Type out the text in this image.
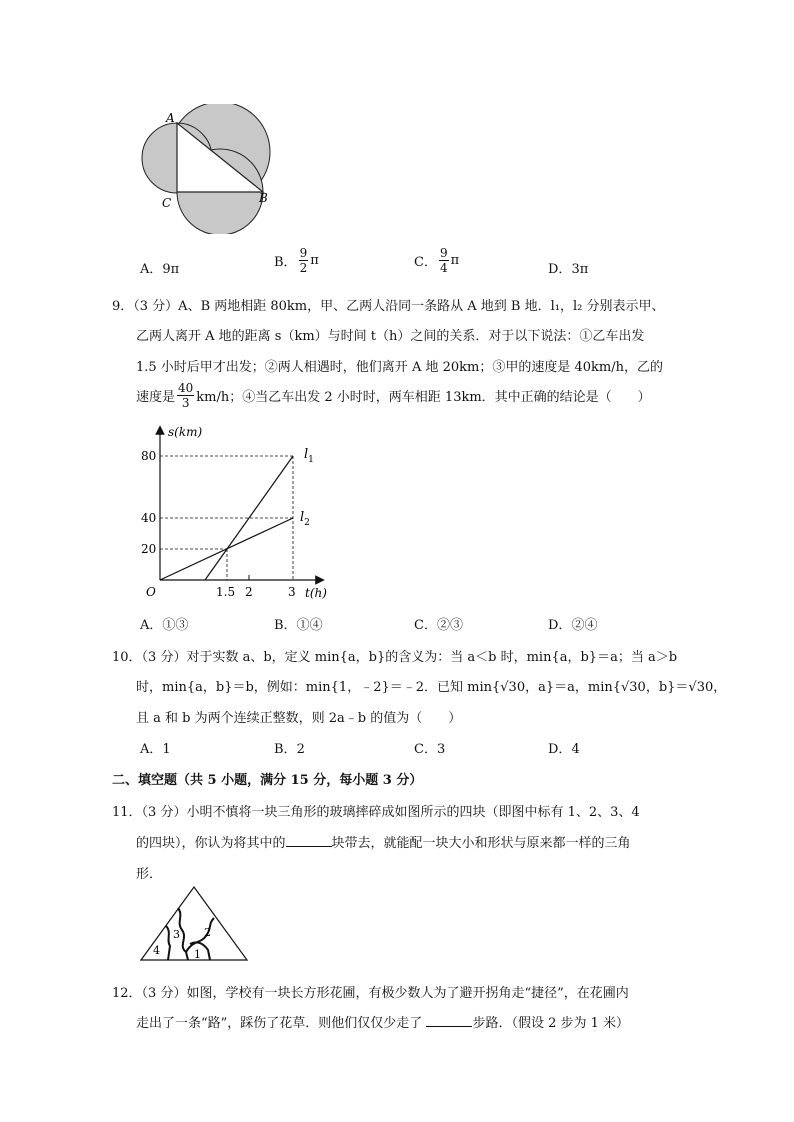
A
C	B
A．9π	B． $\frac{9}{2}$ π	C． $\frac{9}{4}$ π
D．3π
9．（3 分）A、B 两地相距 80km，甲、乙两人沿同一条路从 A 地到 B 地．l₁，l₂ 分别表示甲、
乙两人离开 A 地的距离 s（km）与时间 t（h）之间的关系．对于以下说法：①乙车出发
1.5 小时后甲才出发；②两人相遇时，他们离开 A 地 20km；③甲的速度是 40km/h，乙的
速度是 $\frac{40}{3} km/h$；④当乙车出发 2 小时时，两车相距 13km．其中正确的结论是（　　）
s(km)
t(h)
O
80
40
20
1.5 2	3
$l_1$
$l_2$
A．①③	B．①④	C．②③	D．②④
10．（3 分）对于实数 a、b，定义 min{a，b}的含义为：当 a＜b 时，min{a，b}＝a；当 a＞b
时，min{a，b}＝b，例如：min{1，﹣2}＝﹣2．已知 min{√30，a}＝a，min{√30，b}＝√30，
且 a 和 b 为两个连续正整数，则 2a﹣b 的值为（　　）
A．1	B．2	C．3	D．4
二、填空题（共 5 小题，满分 15 分，每小题 3 分）
11．（3 分）小明不慎将一块三角形的玻璃摔碎成如图所示的四块（即图中标有 1、2、3、4
的四块），你认为将其中的	块带去，就能配一块大小和形状与原来都一样的三角
形．
1
2
3
4
12．（3 分）如图，学校有一块长方形花圃，有极少数人为了避开拐角走“捷径”，在花圃内
走出了一条“路”，踩伤了花草．则他们仅仅少走了	步路．（假设 2 步为 1 米）
